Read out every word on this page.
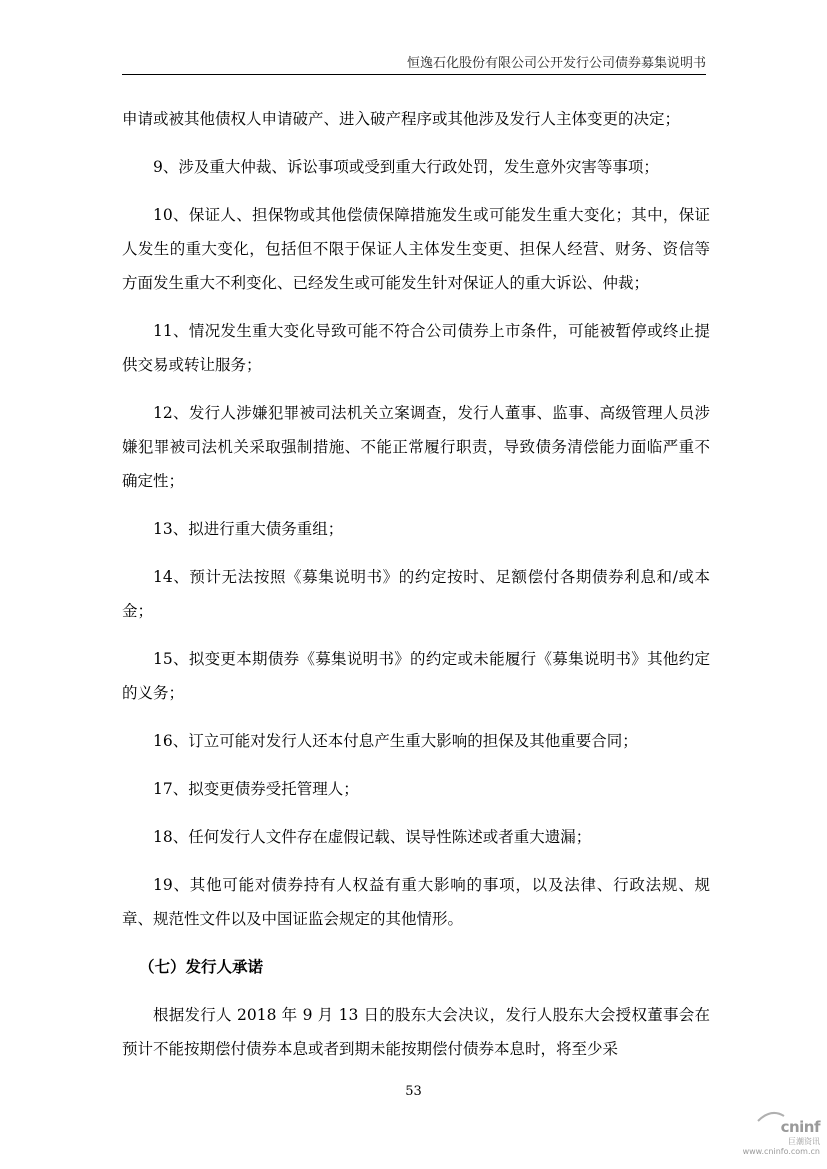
恒逸石化股份有限公司公开发行公司债券募集说明书

申请或被其他债权人申请破产、进入破产程序或其他涉及发行人主体变更的决定；

9、涉及重大仲裁、诉讼事项或受到重大行政处罚，发生意外灾害等事项；

10、保证人、担保物或其他偿债保障措施发生或可能发生重大变化；其中，保证人发生的重大变化，包括但不限于保证人主体发生变更、担保人经营、财务、资信等方面发生重大不利变化、已经发生或可能发生针对保证人的重大诉讼、仲裁；

11、情况发生重大变化导致可能不符合公司债券上市条件，可能被暂停或终止提供交易或转让服务；

12、发行人涉嫌犯罪被司法机关立案调查，发行人董事、监事、高级管理人员涉嫌犯罪被司法机关采取强制措施、不能正常履行职责，导致债务清偿能力面临严重不确定性；

13、拟进行重大债务重组；

14、预计无法按照《募集说明书》的约定按时、足额偿付各期债券利息和/或本金；

15、拟变更本期债券《募集说明书》的约定或未能履行《募集说明书》其他约定的义务；

16、订立可能对发行人还本付息产生重大影响的担保及其他重要合同；

17、拟变更债券受托管理人；

18、任何发行人文件存在虚假记载、误导性陈述或者重大遗漏；

19、其他可能对债券持有人权益有重大影响的事项，以及法律、行政法规、规章、规范性文件以及中国证监会规定的其他情形。

（七）发行人承诺

根据发行人 2018 年 9 月 13 日的股东大会决议，发行人股东大会授权董事会在预计不能按期偿付债券本息或者到期未能按期偿付债券本息时，将至少采

53
cninf
巨潮资讯
www.cninfo.com.cn
